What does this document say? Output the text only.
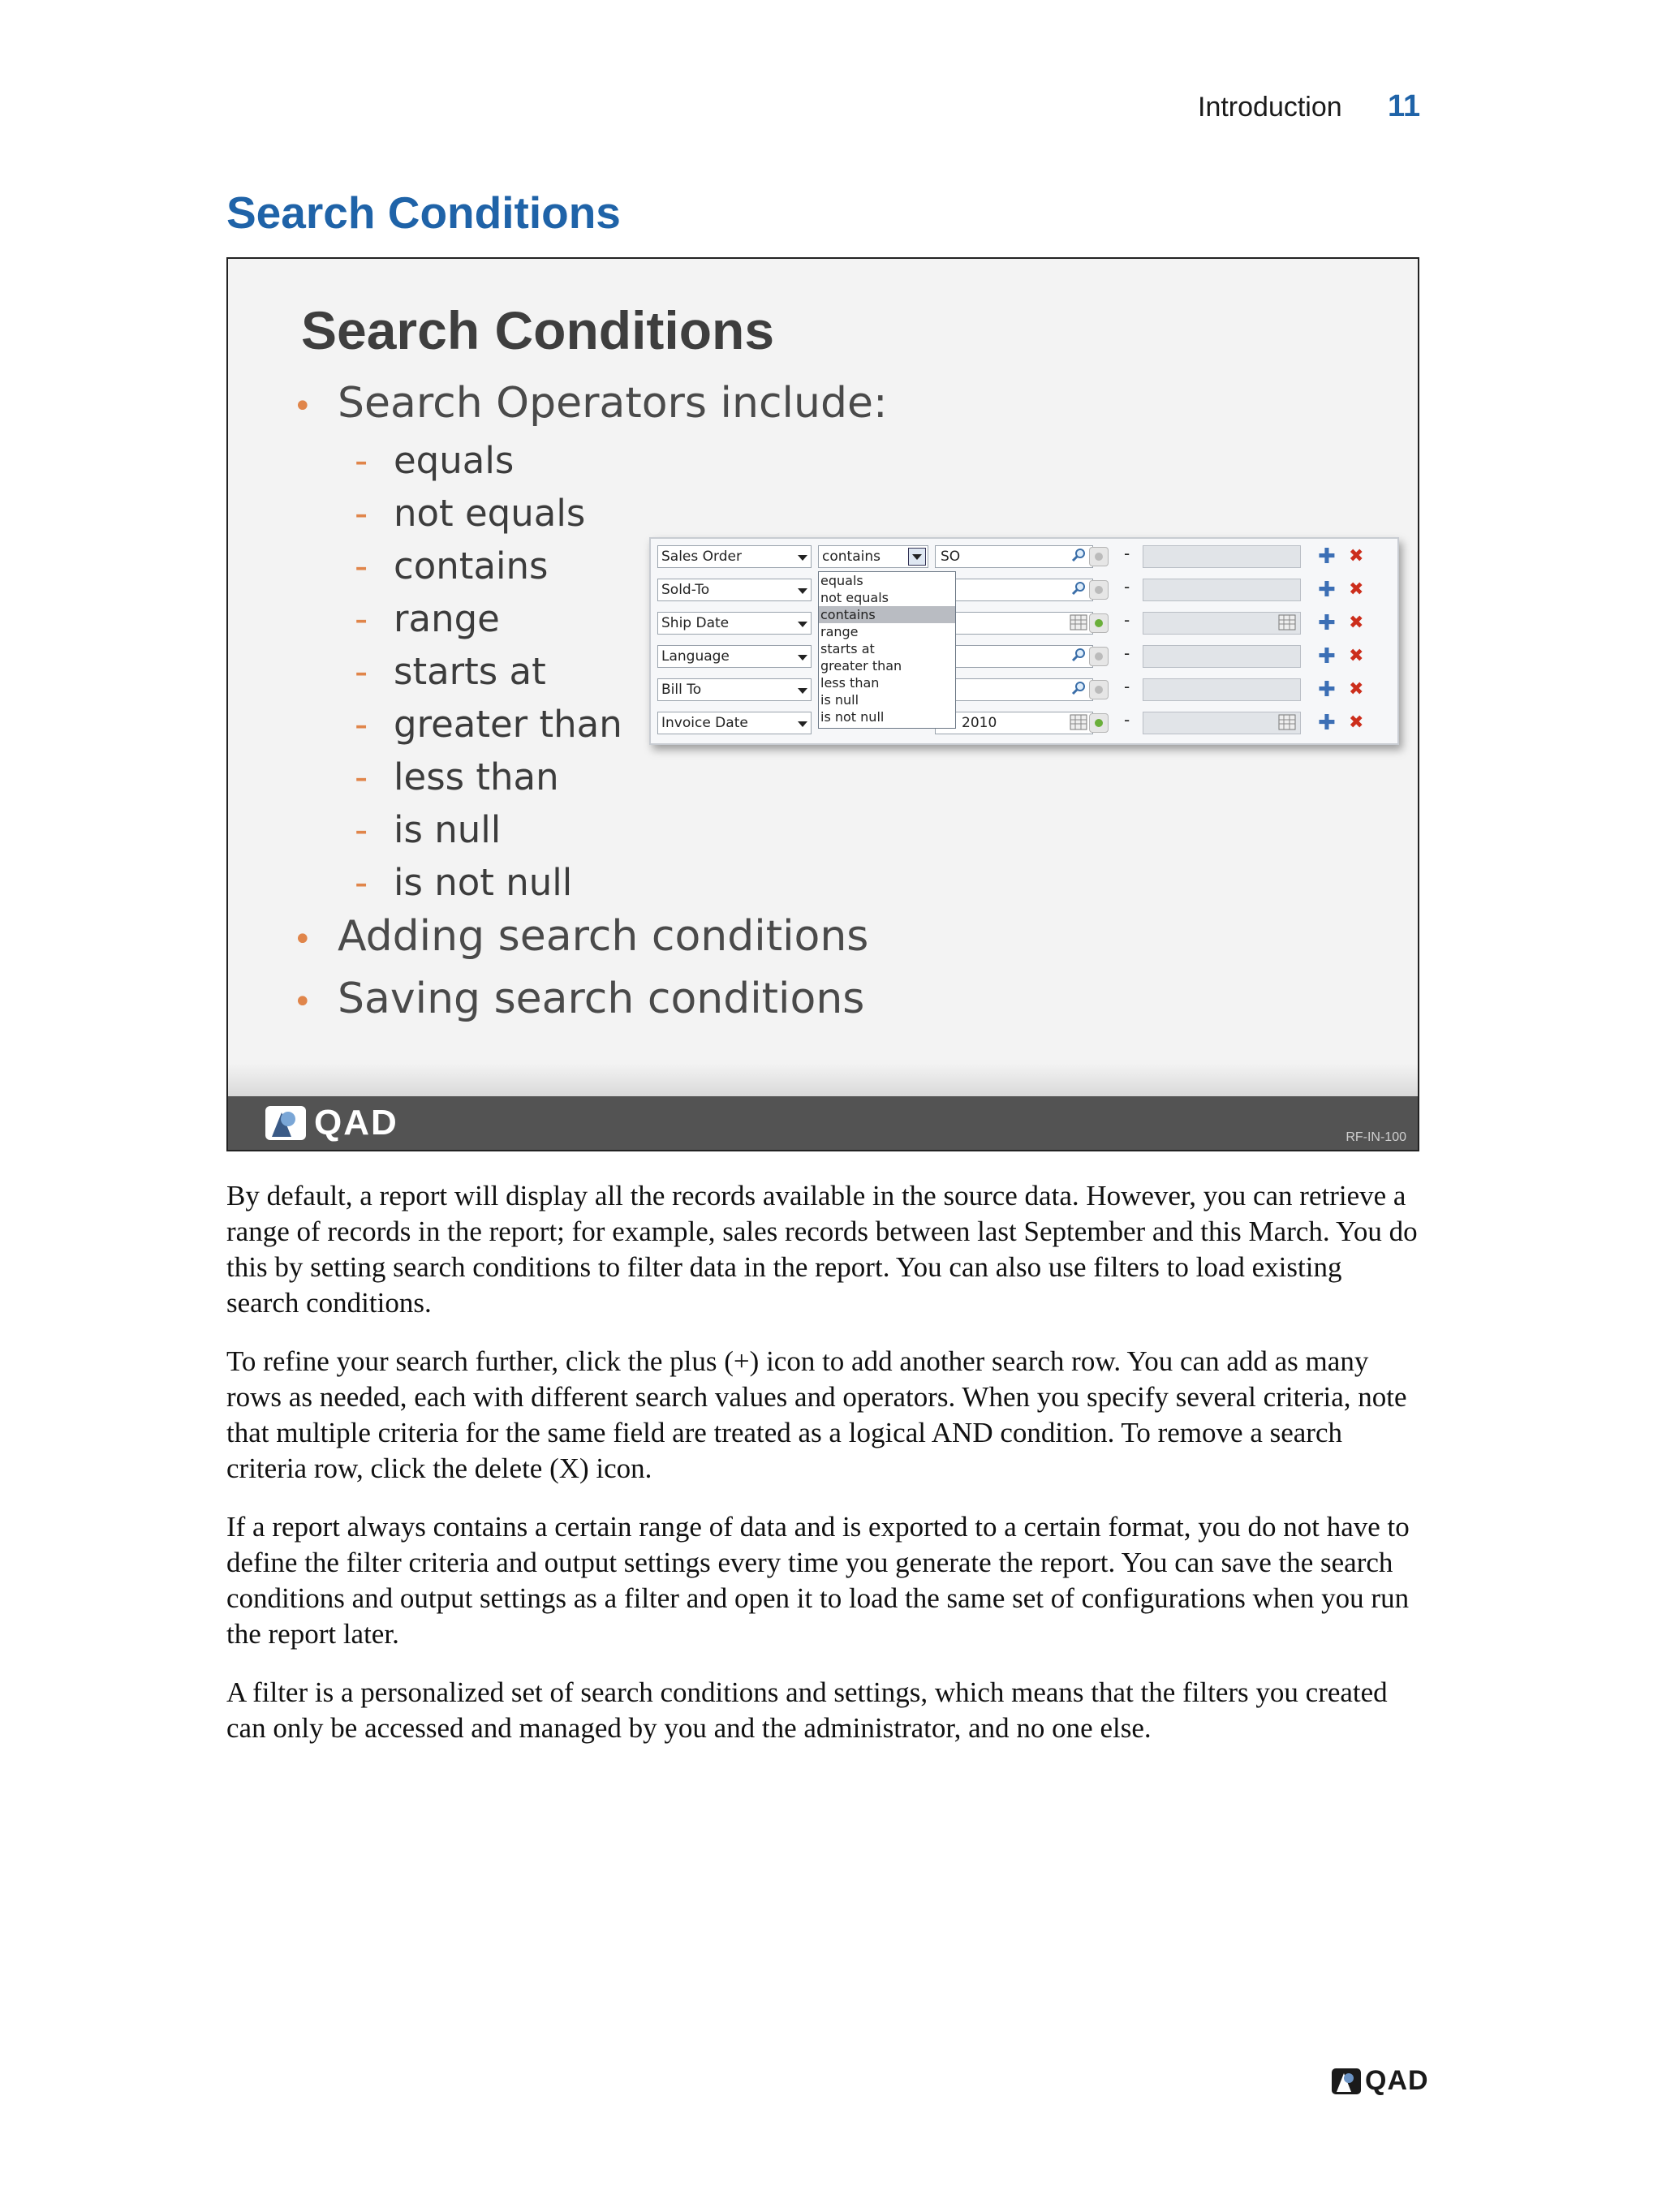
Introduction 11
Search Conditions
Search Conditions
• Search Operators include:
- equals
- not equals
- contains
- range
- starts at
- greater than
- less than
- is null
- is not null
• Adding search conditions
• Saving search conditions
Sales Order	contains	SO	-	✚ ✖
Sold-To	-	✚ ✖
Ship Date	-	✚ ✖
Language	-	✚ ✖
Bill To	-	✚ ✖
Invoice Date	2010	-	✚ ✖
equals
not equals
contains
range
starts at
greater than
less than
is null
is not null
QAD	RF-IN-100

By default, a report will display all the records available in the source data. However, you can retrieve a range of records in the report; for example, sales records between last September and this March. You do this by setting search conditions to filter data in the report. You can also use filters to load existing search conditions.

To refine your search further, click the plus (+) icon to add another search row. You can add as many rows as needed, each with different search values and operators. When you specify several criteria, note that multiple criteria for the same field are treated as a logical AND condition. To remove a search criteria row, click the delete (X) icon.

If a report always contains a certain range of data and is exported to a certain format, you do not have to define the filter criteria and output settings every time you generate the report. You can save the search conditions and output settings as a filter and open it to load the same set of configurations when you run the report later.

A filter is a personalized set of search conditions and settings, which means that the filters you created can only be accessed and managed by you and the administrator, and no one else.

QAD
